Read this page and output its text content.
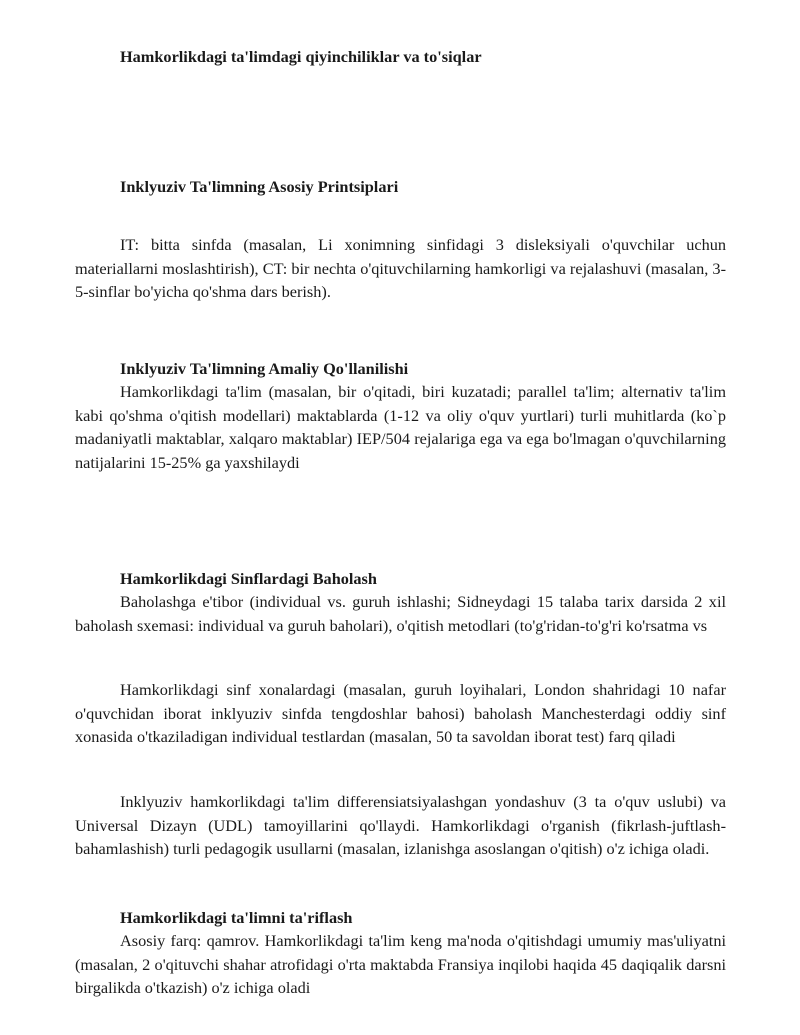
Hamkorlikdagi ta'limdagi qiyinchiliklar va to'siqlar
Inklyuziv Ta'limning Asosiy Printsiplari
IT: bitta sinfda (masalan, Li xonimning sinfidagi 3 disleksiyali o'quvchilar uchun materiallarni moslashtirish), CT: bir nechta o'qituvchilarning hamkorligi va rejalashuvi (masalan, 3-5-sinflar bo'yicha qo'shma dars berish).
Inklyuziv Ta'limning Amaliy Qo'llanilishi
Hamkorlikdagi ta'lim (masalan, bir o'qitadi, biri kuzatadi; parallel ta'lim; alternativ ta'lim kabi qo'shma o'qitish modellari) maktablarda (1-12 va oliy o'quv yurtlari) turli muhitlarda (ko`p madaniyatli maktablar, xalqaro maktablar) IEP/504 rejalariga ega va ega bo'lmagan o'quvchilarning natijalarini 15-25% ga yaxshilaydi
Hamkorlikdagi Sinflardagi Baholash
Baholashga e'tibor (individual vs. guruh ishlashi; Sidneydagi 15 talaba tarix darsida 2 xil baholash sxemasi: individual va guruh baholari), o'qitish metodlari (to'g'ridan-to'g'ri ko'rsatma vs
Hamkorlikdagi sinf xonalardagi (masalan, guruh loyihalari, London shahridagi 10 nafar o'quvchidan iborat inklyuziv sinfda tengdoshlar bahosi) baholash Manchesterdagi oddiy sinf xonasida o'tkaziladigan individual testlardan (masalan, 50 ta savoldan iborat test) farq qiladi
Inklyuziv hamkorlikdagi ta'lim differensiatsiyalashgan yondashuv (3 ta o'quv uslubi) va Universal Dizayn (UDL) tamoyillarini qo'llaydi. Hamkorlikdagi o'rganish (fikrlash-juftlash-bahamlashish) turli pedagogik usullarni (masalan, izlanishga asoslangan o'qitish) o'z ichiga oladi.
Hamkorlikdagi ta'limni ta'riflash
Asosiy farq: qamrov. Hamkorlikdagi ta'lim keng ma'noda o'qitishdagi umumiy mas'uliyatni (masalan, 2 o'qituvchi shahar atrofidagi o'rta maktabda Fransiya inqilobi haqida 45 daqiqalik darsni birgalikda o'tkazish) o'z ichiga oladi
